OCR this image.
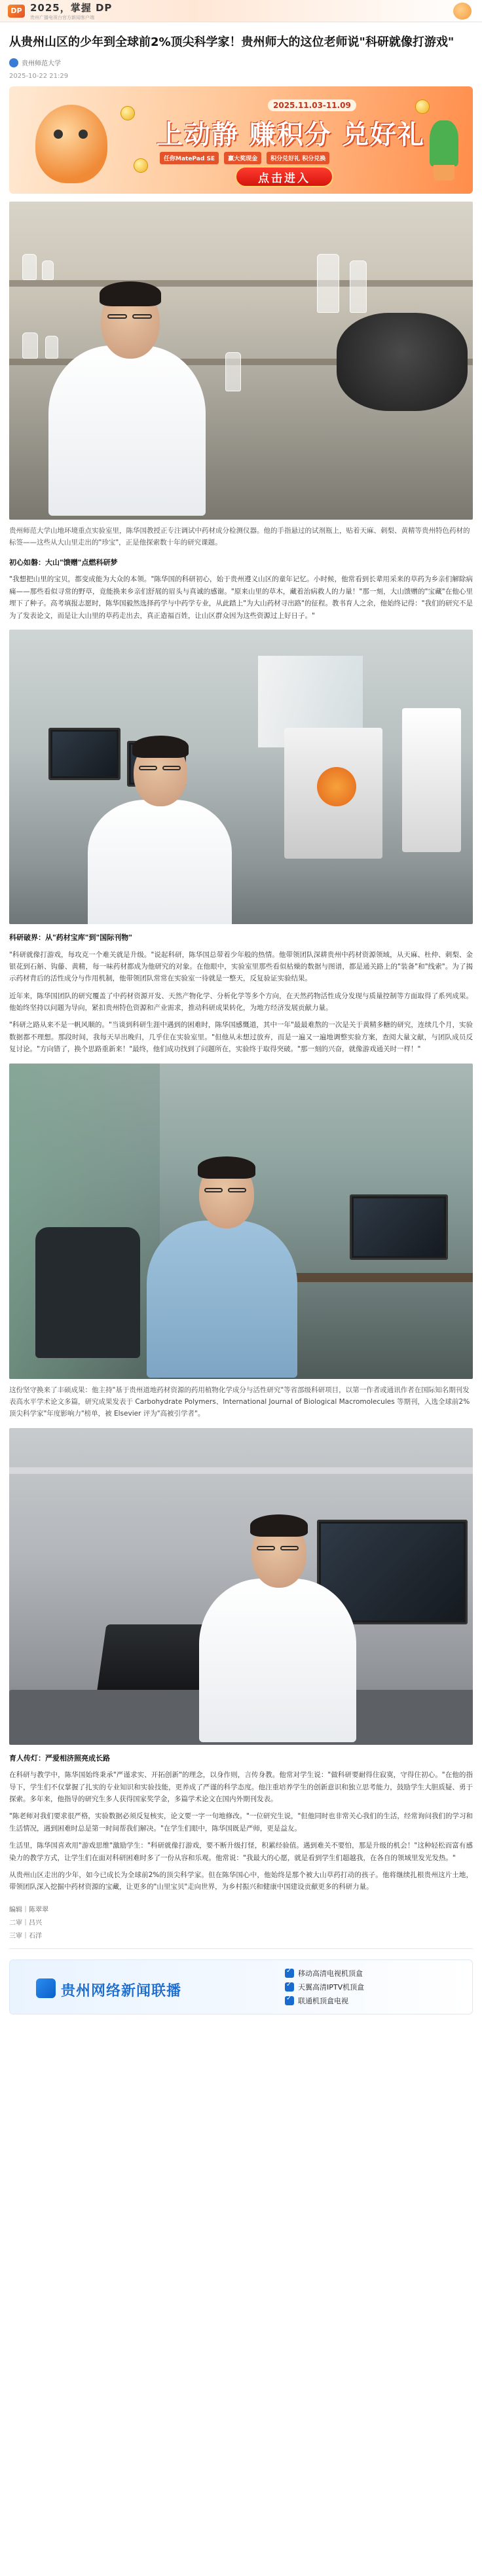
DP 2025，掌握 DP
贵州广播电视台官方新闻客户端
从贵州山区的少年到全球前2%顶尖科学家！贵州师大的这位老师说"科研就像打游戏"
贵州师范大学
2025-10-22 21:29
2025.11.03-11.09
上动静 赚积分 兑好礼
任你MatePad SE	赢大奖现金	积分兑好礼 积分兑换
点击进入

贵州师范大学山地环境重点实验室里，陈华国教授正专注调试中药材成分检测仪器。他的手指悬过的试剂瓶上，贴着天麻、刺梨、黄精等贵州特色药材的标签——这些从大山里走出的"珍宝"，正是他探索数十年的研究课题。

初心如磐：大山"馈赠"点燃科研梦

"我想把山里的宝贝，都变成能为大众的本领。"陈华国的科研初心，始于贵州遵义山区的童年记忆。小时候，他常看到长辈用采来的草药为乡亲们解除病痛——那些看似寻常的野草，竟能换来乡亲们舒展的眉头与真诚的感谢。"原来山里的草木，藏着治病救人的力量！"那一刻，大山馈赠的"宝藏"在他心里埋下了种子。高考填报志愿时，陈华国毅然选择药学与中药学专业，从此踏上"为大山药材寻出路"的征程。教书育人之余，他始终记得："我们的研究不是为了发表论文，而是让大山里的草药走出去，真正造福百姓，让山区群众因为这些资源过上好日子。"

科研破界：从"药材宝库"到"国际刊物"

"科研就像打游戏，每攻克一个难关就是升级。"说起科研，陈华国总带着少年般的热情。他带领团队深耕贵州中药材资源领域，从天麻、杜仲、刺梨、金银花到石斛、钩藤、黄精，每一味药材都成为他研究的对象。在他眼中，实验室里那些看似枯燥的数据与图谱，都是通关路上的"装备"和"线索"。为了揭示药材背后的活性成分与作用机制，他带领团队常常在实验室一待就是一整天，反复验证实验结果。

近年来，陈华国团队的研究覆盖了中药材资源开发、天然产物化学、分析化学等多个方向，在天然药物活性成分发现与质量控制等方面取得了系列成果。他始终坚持以问题为导向，紧扣贵州特色资源和产业需求，推动科研成果转化，为地方经济发展贡献力量。

"科研之路从来不是一帆风顺的。"当谈到科研生涯中遇到的困难时，陈华国感慨道，其中一年"最最难熬的一次是关于黄精多糖的研究，连续几个月，实验数据都不理想。那段时间，我每天早出晚归，几乎住在实验室里。"但他从未想过放弃，而是一遍又一遍地调整实验方案，查阅大量文献，与团队成员反复讨论。"方向错了，换个思路重新来！"最终，他们成功找到了问题所在，实验终于取得突破。"那一刻的兴奋，就像游戏通关时一样！"

这份坚守换来了丰硕成果：他主持"基于贵州道地药材资源的药用植物化学成分与活性研究"等省部级科研项目，以第一作者或通讯作者在国际知名期刊发表高水平学术论文多篇，研究成果发表于 Carbohydrate Polymers、International Journal of Biological Macromolecules 等期刊，入选全球前2%顶尖科学家"年度影响力"榜单，被 Elsevier 评为"高被引学者"。

育人传灯：严爱相济照亮成长路

在科研与教学中，陈华国始终秉承"严谨求实、开拓创新"的理念，以身作则，言传身教。他常对学生说："做科研要耐得住寂寞，守得住初心。"在他的指导下，学生们不仅掌握了扎实的专业知识和实验技能，更养成了严谨的科学态度。他注重培养学生的创新意识和独立思考能力，鼓励学生大胆质疑、勇于探索。多年来，他指导的研究生多人获得国家奖学金，多篇学术论文在国内外期刊发表。

"陈老师对我们要求很严格，实验数据必须反复核实，论文要一字一句地修改。"一位研究生说，"但他同时也非常关心我们的生活，经常询问我们的学习和生活情况，遇到困难时总是第一时间帮我们解决。"在学生们眼中，陈华国既是严师，更是益友。

生活里，陈华国喜欢用"游戏思维"激励学生："科研就像打游戏，要不断升级打怪，积累经验值。遇到难关不要怕，那是升级的机会！"这种轻松而富有感染力的教学方式，让学生们在面对科研困难时多了一份从容和乐观。他常说："我最大的心愿，就是看到学生们超越我，在各自的领域里发光发热。"

从贵州山区走出的少年，如今已成长为全球前2%的顶尖科学家。但在陈华国心中，他始终是那个被大山草药打动的孩子。他将继续扎根贵州这片土地，带领团队深入挖掘中药材资源的宝藏，让更多的"山里宝贝"走向世界，为乡村振兴和健康中国建设贡献更多的科研力量。

编辑｜陈翠翠
二审｜吕兴
三审｜石洋
贵州网络新闻联播
✓
移动高清电视机顶盒
✓
天翼高清IPTV机顶盒
✓
联通机顶盒电视
